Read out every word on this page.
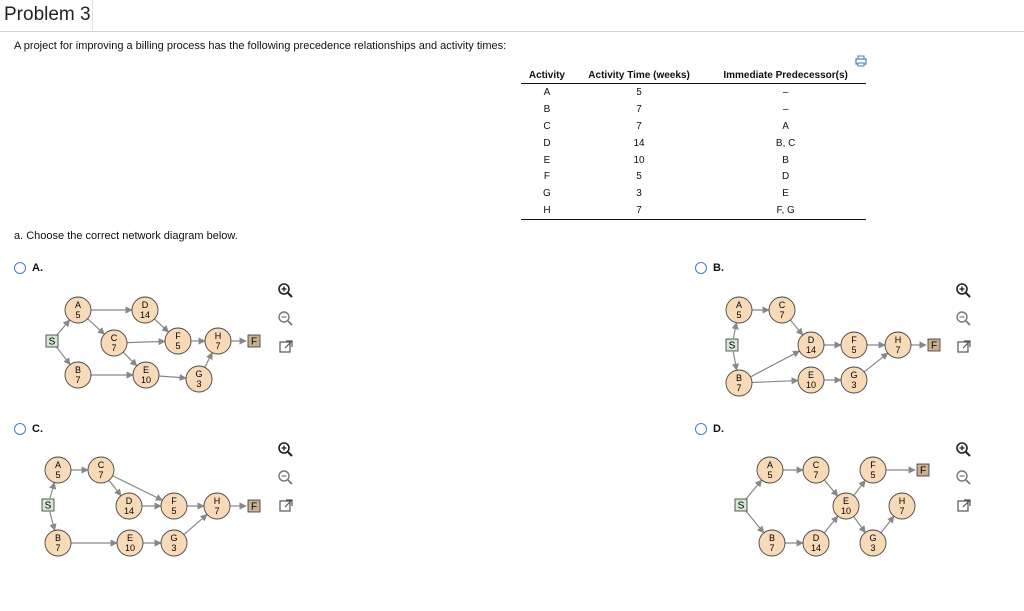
Problem 3
A project for improving a billing process has the following precedence relationships and activity times:
Activity	Activity Time (weeks)	Immediate Predecessor(s)
A	5	–
B	7	–
C	7	A
D	14	B, C
E	10	B
F	5	D
G	3	E
H	7	F, G
a. Choose the correct network diagram below.
A.	B.
C.	D.
S
A
5
B
7
C
7
D
14
E
10
F
5
G
3
H
7	F	S
A
5
B
7
C
7
D
14
E
10
F
5
G
3
H
7	F
S
A
5
B
7
C
7
D
14
E
10
F
5
G
3
H
7	F	S
A
5
B
7
C
7
D
14
E
10
F
5
G
3
H
7
F
